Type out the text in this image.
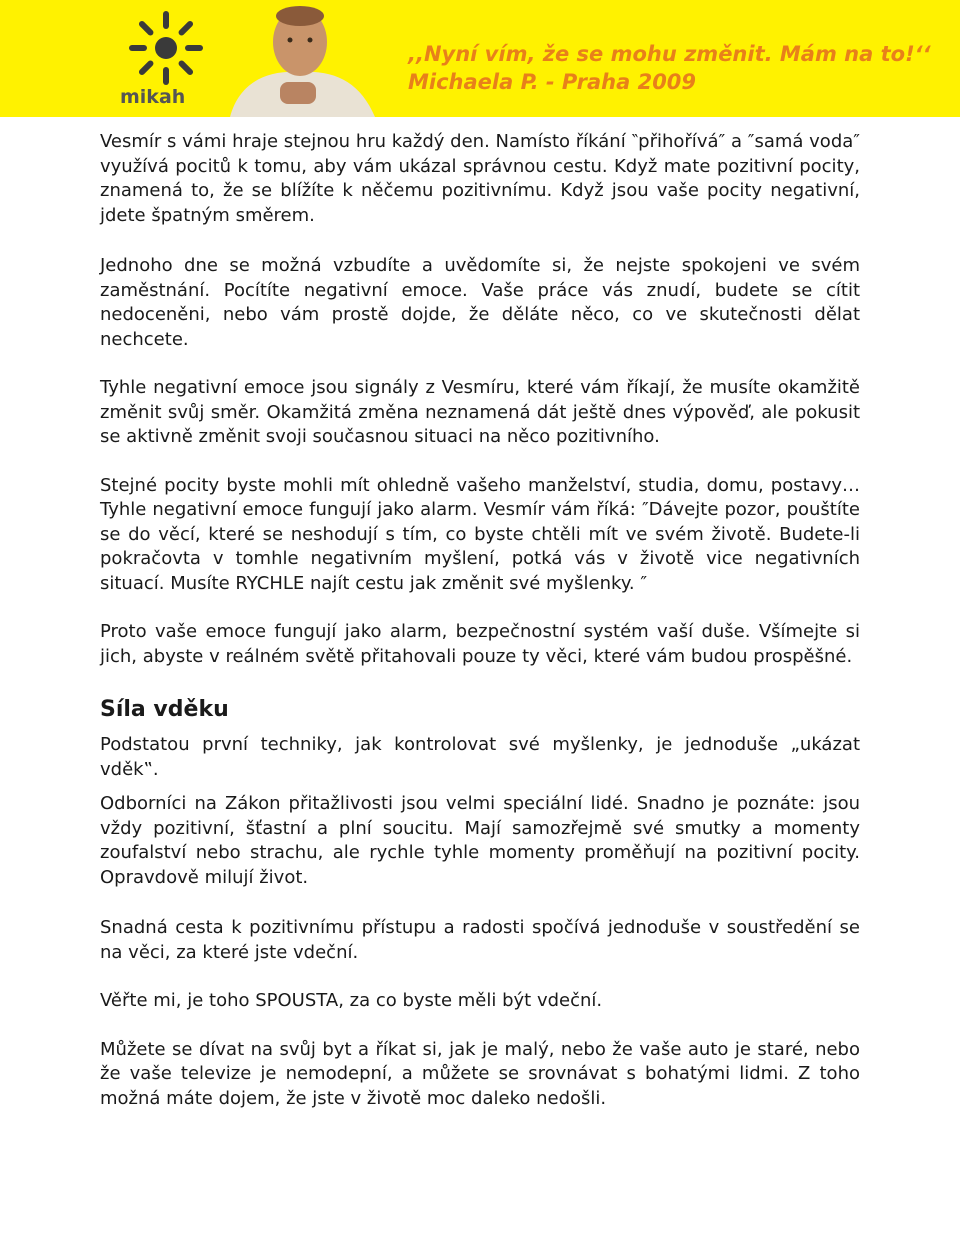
mikah
,,Nyní vím, že se mohu změnit. Mám na to!‘‘
Michaela P. - Praha 2009

Vesmír s vámi hraje stejnou hru každý den. Namísto říkání ‶přihořívá″ a ″samá voda″ využívá pocitů k tomu, aby vám ukázal správnou cestu. Když mate pozitivní pocity, znamená to, že se blížíte k něčemu pozitivnímu. Když jsou vaše pocity negativní, jdete špatným směrem.

Jednoho dne se možná vzbudíte a uvědomíte si, že nejste spokojeni ve svém zaměstnání. Pocítíte negativní emoce. Vaše práce vás znudí, budete se cítit nedoceněni, nebo vám prostě dojde, že děláte něco, co ve skutečnosti dělat nechcete.

Tyhle negativní emoce jsou signály z Vesmíru, které vám říkají, že musíte okamžitě změnit svůj směr. Okamžitá změna neznamená dát ještě dnes výpověď, ale pokusit se aktivně změnit svoji současnou situaci na něco pozitivního.

Stejné pocity byste mohli mít ohledně vašeho manželství, studia, domu, postavy…Tyhle negativní emoce fungují jako alarm. Vesmír vám říká: ″Dávejte pozor, pouštíte se do věcí, které se neshodují s tím, co byste chtěli mít ve svém životě. Budete-li pokračovta v tomhle negativním myšlení, potká vás v životě vice negativních situací. Musíte RYCHLE najít cestu jak změnit své myšlenky. ″

Proto vaše emoce fungují jako alarm, bezpečnostní systém vaší duše. Všímejte si jich, abyste v reálném světě přitahovali pouze ty věci, které vám budou prospěšné.

Síla vděku

Podstatou první techniky, jak kontrolovat své myšlenky, je jednoduše „ukázat vděk‟.

Odborníci na Zákon přitažlivosti jsou velmi speciální lidé. Snadno je poznáte: jsou vždy pozitivní, šťastní a plní soucitu. Mají samozřejmě své smutky a momenty zoufalství nebo strachu, ale rychle tyhle momenty proměňují na pozitivní pocity. Opravdově milují život.

Snadná cesta k pozitivnímu přístupu a radosti spočívá jednoduše v soustředění se na věci, za které jste vdeční.

Věřte mi, je toho SPOUSTA, za co byste měli být vdeční.

Můžete se dívat na svůj byt a říkat si, jak je malý, nebo že vaše auto je staré, nebo že vaše televize je nemodерní, a můžete se srovnávat s bohatými lidmi. Z toho možná máte dojem, že jste v životě moc daleko nedošli.
